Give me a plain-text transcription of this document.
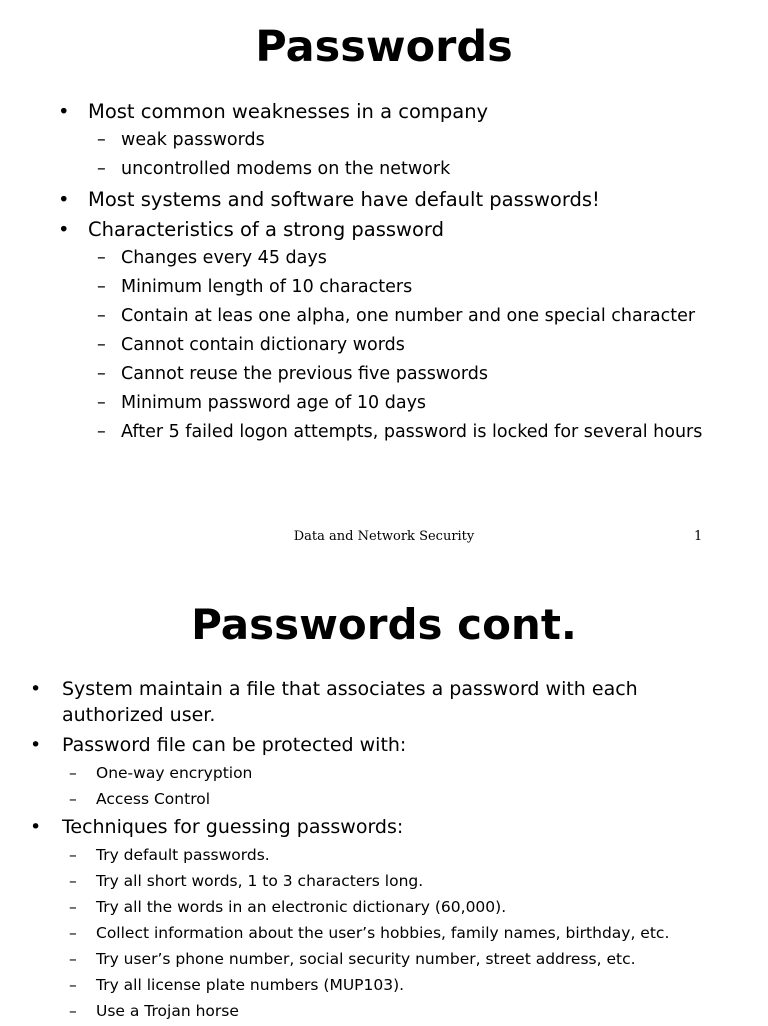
Passwords
• Most common weaknesses in a company
– weak passwords
– uncontrolled modems on the network
• Most systems and software have default passwords!
• Characteristics of a strong password
– Changes every 45 days
– Minimum length of 10 characters
– Contain at leas one alpha, one number and one special character
– Cannot contain dictionary words
– Cannot reuse the previous five passwords
– Minimum password age of 10 days
– After 5 failed logon attempts, password is locked for several hours
Data and Network Security	1
Passwords cont.
• System maintain a file that associates a password with each authorized user.
• Password file can be protected with:
– One-way encryption
– Access Control
• Techniques for guessing passwords:
– Try default passwords.
– Try all short words, 1 to 3 characters long.
– Try all the words in an electronic dictionary (60,000).
– Collect information about the user’s hobbies, family names, birthday, etc.
– Try user’s phone number, social security number, street address, etc.
– Try all license plate numbers (MUP103).
– Use a Trojan horse
